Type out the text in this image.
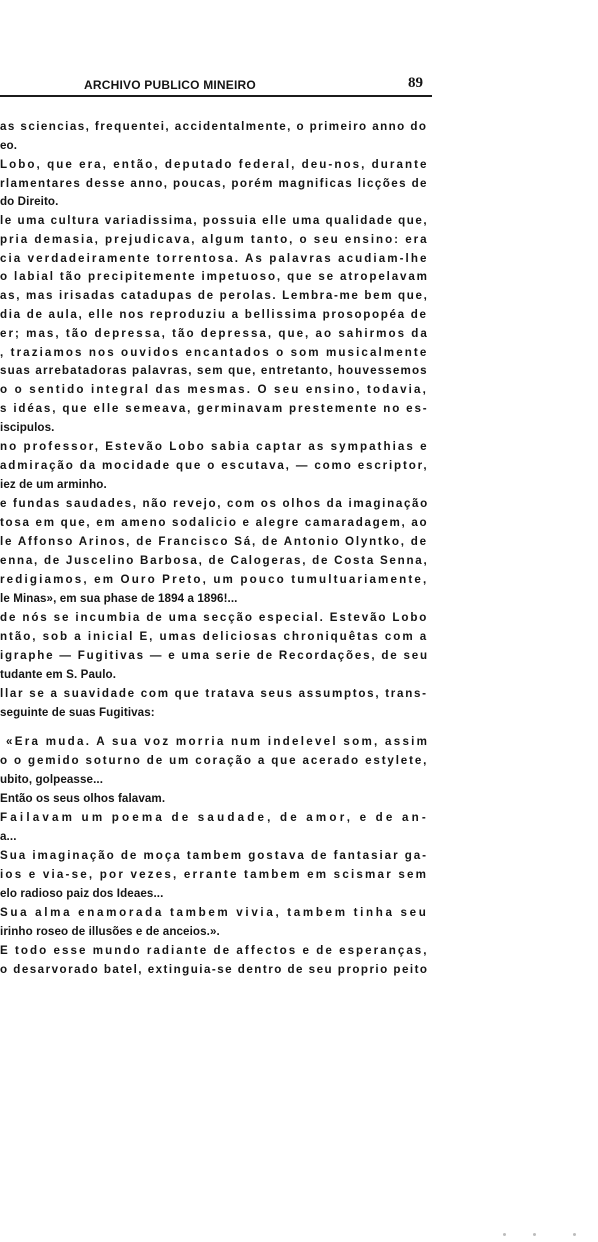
ARCHIVO PUBLICO MINEIRO	89
as sciencias, frequentei, accidentalmente, o primeiro anno do
eo.
Lobo, que era, então, deputado federal, deu-nos, durante
rlamentares desse anno, poucas, porém magnificas licções de
do Direito.
le uma cultura variadissima, possuia elle uma qualidade que,
pria demasia, prejudicava, algum tanto, o seu ensino: era
cia verdadeiramente torrentosa. As palavras acudiam-lhe
o labial tão precipitemente impetuoso, que se atropelavam
as, mas irisadas catadupas de perolas. Lembra-me bem que,
dia de aula, elle nos reproduziu a bellissima prosopopéa de
er; mas, tão depressa, tão depressa, que, ao sahirmos da
, traziamos nos ouvidos encantados o som musicalmente
suas arrebatadoras palavras, sem que, entretanto, houvessemos
o o sentido integral das mesmas. O seu ensino, todavia,
s idéas, que elle semeava, germinavam prestemente no es-
iscipulos.
no professor, Estevão Lobo sabia captar as sympathias e
admiração da mocidade que o escutava, — como escriptor,
iez de um arminho.
e fundas saudades, não revejo, com os olhos da imaginação
tosa em que, em ameno sodalicio e alegre camaradagem, ao
le Affonso Arinos, de Francisco Sá, de Antonio Olyntko, de
enna, de Juscelino Barbosa, de Calogeras, de Costa Senna,
redigiamos, em Ouro Preto, um pouco tumultuariamente,
le Minas», em sua phase de 1894 a 1896!...
de nós se incumbia de uma secção especial. Estevão Lobo
ntão, sob a inicial E, umas deliciosas chroniquêtas com a
igraphe — Fugitivas — e uma serie de Recordações, de seu
tudante em S. Paulo.
llar se a suavidade com que tratava seus assumptos, trans-
seguinte de suas Fugitivas:
«Era muda. A sua voz morria num indelevel som, assim
o o gemido soturno de um coração a que acerado estylete,
ubito, golpeasse...
Então os seus olhos falavam.
Failavam um poema de saudade, de amor, e de an-
a...
Sua imaginação de moça tambem gostava de fantasiar ga-
ios e via-se, por vezes, errante tambem em scismar sem
elo radioso paiz dos Ideaes...
Sua alma enamorada tambem vivia, tambem tinha seu
irinho roseo de illusões e de anceios.».
E todo esse mundo radiante de affectos e de esperanças,
o desarvorado batel, extinguia-se dentro de seu proprio peito
